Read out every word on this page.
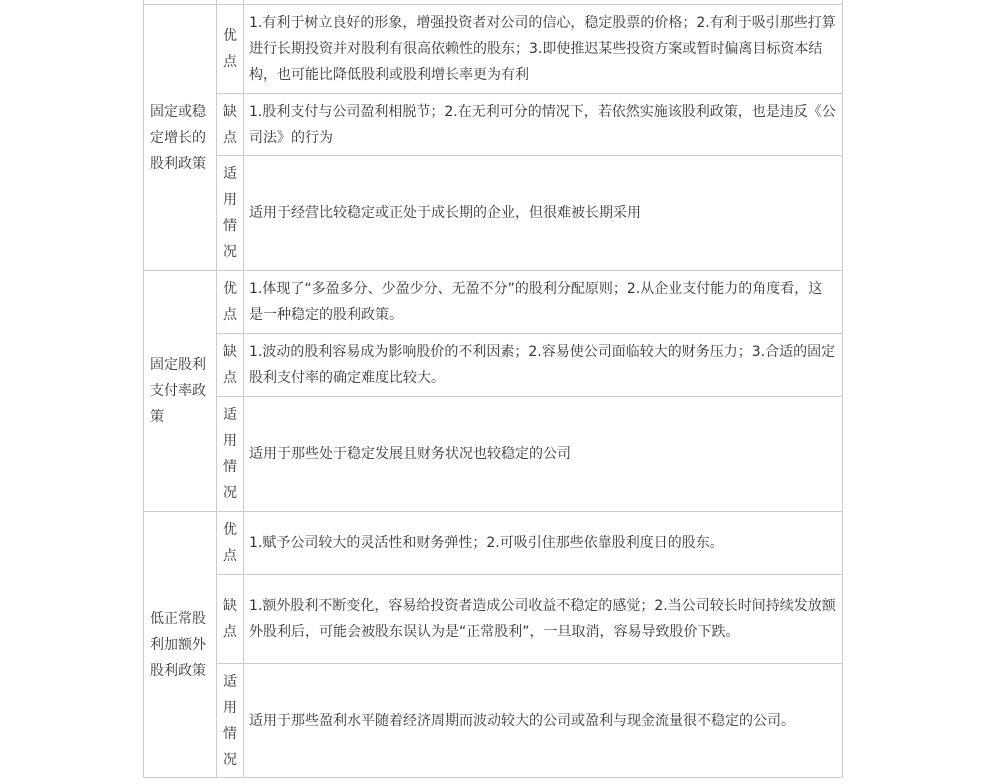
固定或稳定增长的股利政策	优点	1.有利于树立良好的形象，增强投资者对公司的信心，稳定股票的价格；2.有利于吸引那些打算进行长期投资并对股利有很高依赖性的股东；3.即使推迟某些投资方案或暂时偏离目标资本结构，也可能比降低股利或股利增长率更为有利
	缺点	1.股利支付与公司盈利相脱节；2.在无利可分的情况下，若依然实施该股利政策，也是违反《公司法》的行为
	适用情况	适用于经营比较稳定或正处于成长期的企业，但很难被长期采用
固定股利支付率政策	优点	1.体现了“多盈多分、少盈少分、无盈不分”的股利分配原则；2.从企业支付能力的角度看，这是一种稳定的股利政策。
	缺点	1.波动的股利容易成为影响股价的不利因素；2.容易使公司面临较大的财务压力；3.合适的固定股利支付率的确定难度比较大。
	适用情况	适用于那些处于稳定发展且财务状况也较稳定的公司
低正常股利加额外股利政策	优点	1.赋予公司较大的灵活性和财务弹性；2.可吸引住那些依靠股利度日的股东。
	缺点	1.额外股利不断变化，容易给投资者造成公司收益不稳定的感觉；2.当公司较长时间持续发放额外股利后，可能会被股东误认为是“正常股利”，一旦取消，容易导致股价下跌。
	适用情况	适用于那些盈利水平随着经济周期而波动较大的公司或盈利与现金流量很不稳定的公司。
